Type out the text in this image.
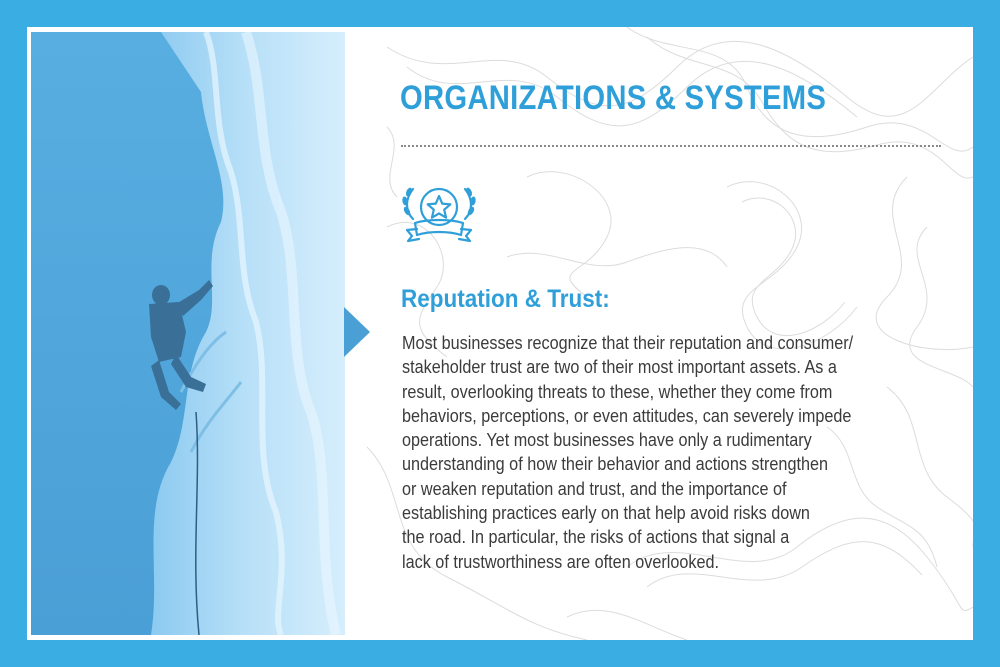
ORGANIZATIONS & SYSTEMS
Reputation & Trust:

Most businesses recognize that their reputation and consumer/
stakeholder trust are two of their most important assets. As a
result, overlooking threats to these, whether they come from
behaviors, perceptions, or even attitudes, can severely impede
operations. Yet most businesses have only a rudimentary
understanding of how their behavior and actions strengthen
or weaken reputation and trust, and the importance of
establishing practices early on that help avoid risks down
the road. In particular, the risks of actions that signal a
lack of trustworthiness are often overlooked.
